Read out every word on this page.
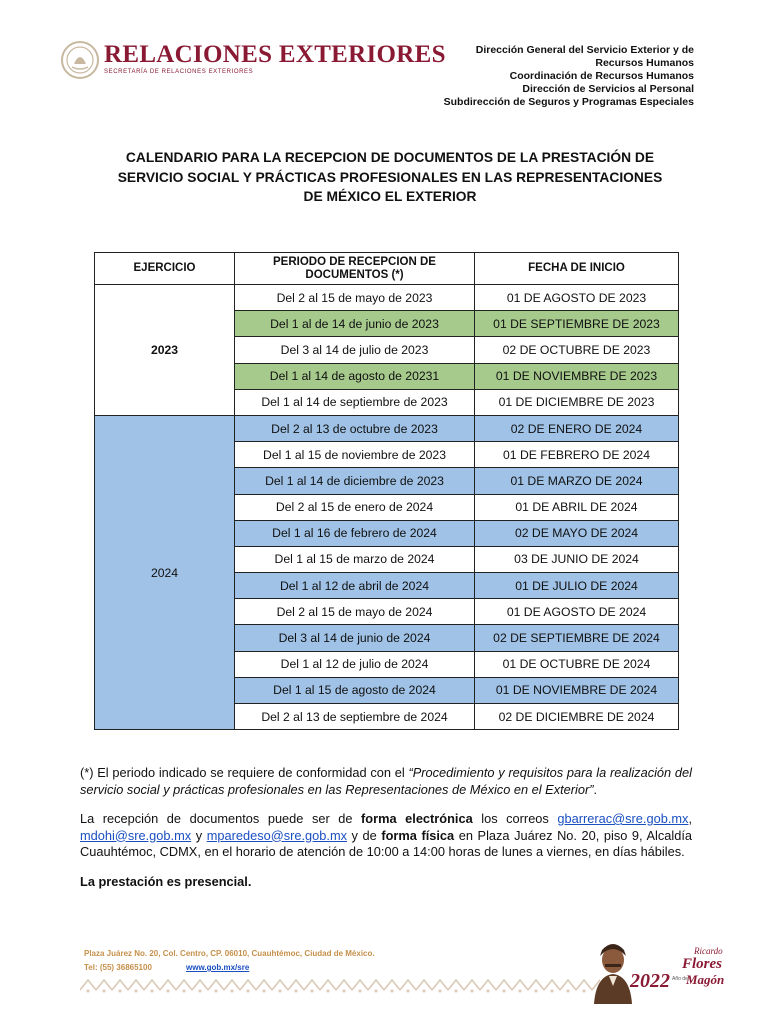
RELACIONES EXTERIORES
SECRETARÍA DE RELACIONES EXTERIORES
Dirección General del Servicio Exterior y de
Recursos Humanos
Coordinación de Recursos Humanos
Dirección de Servicios al Personal
Subdirección de Seguros y Programas Especiales
CALENDARIO PARA LA RECEPCION DE DOCUMENTOS DE LA PRESTACIÓN DE
SERVICIO SOCIAL Y PRÁCTICAS PROFESIONALES EN LAS REPRESENTACIONES
DE MÉXICO EL EXTERIOR
EJERCICIO	PERIODO DE RECEPCION DE DOCUMENTOS (*)	FECHA DE INICIO
2023	Del 2 al 15 de mayo de 2023	01 DE AGOSTO DE 2023
	Del 1 al de 14 de junio de 2023	01 DE SEPTIEMBRE DE 2023
	Del 3 al 14 de julio de 2023	02 DE OCTUBRE DE 2023
	Del 1 al 14 de agosto de 20231	01 DE NOVIEMBRE DE 2023
	Del 1 al 14 de septiembre de 2023	01 DE DICIEMBRE DE 2023
2024	Del 2 al 13 de octubre de 2023	02 DE ENERO DE 2024
	Del 1 al 15 de noviembre de 2023	01 DE FEBRERO DE 2024
	Del 1 al 14 de diciembre de 2023	01 DE MARZO DE 2024
	Del 2 al 15 de enero de 2024	01 DE ABRIL DE 2024
	Del 1 al 16 de febrero de 2024	02 DE MAYO DE 2024
	Del 1 al 15 de marzo de 2024	03 DE JUNIO DE 2024
	Del 1 al 12 de abril de 2024	01 DE JULIO DE 2024
	Del 2 al 15 de mayo de 2024	01 DE AGOSTO DE 2024
	Del 3 al 14 de junio de 2024	02 DE SEPTIEMBRE DE 2024
	Del 1 al 12 de julio de 2024	01 DE OCTUBRE DE 2024
	Del 1 al 15 de agosto de 2024	01 DE NOVIEMBRE DE 2024
	Del 2 al 13 de septiembre de 2024	02 DE DICIEMBRE DE 2024

(*) El periodo indicado se requiere de conformidad con el “Procedimiento y requisitos para la realización del servicio social y prácticas profesionales en las Representaciones de México en el Exterior”.

La recepción de documentos puede ser de forma electrónica los correos gbarrerac@sre.gob.mx, mdohi@sre.gob.mx y mparedeso@sre.gob.mx y de forma física en Plaza Juárez No. 20, piso 9, Alcaldía Cuauhtémoc, CDMX, en el horario de atención de 10:00 a 14:00 horas de lunes a viernes, en días hábiles.

La prestación es presencial.

Plaza Juárez No. 20, Col. Centro, CP. 06010, Cuauhtémoc, Ciudad de México.
Tel: (55) 36865100	www.gob.mx/sre
2022 Año de
Ricardo
Flores
Magón
